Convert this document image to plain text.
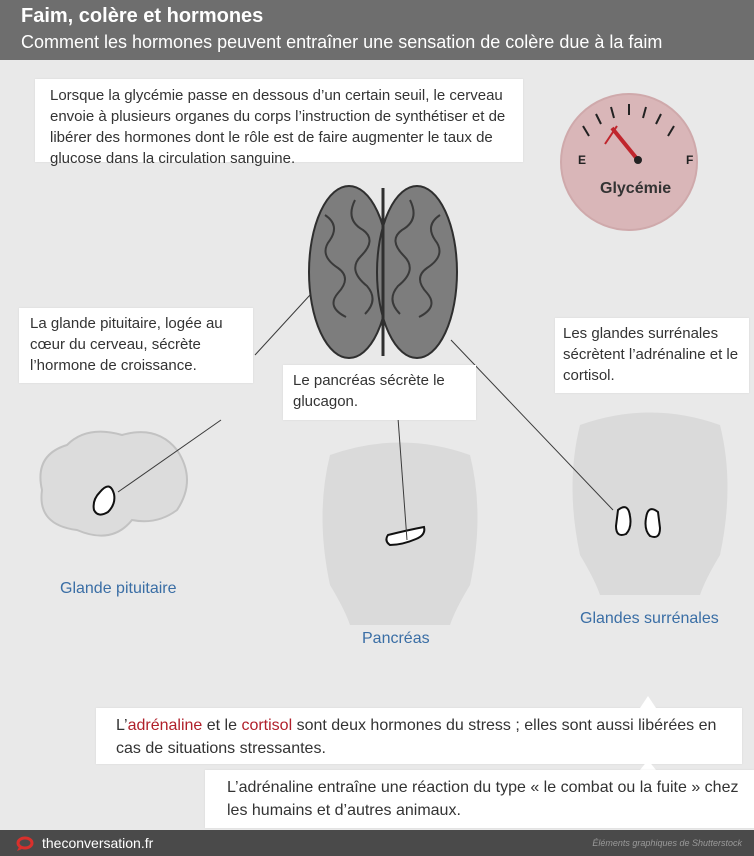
Faim, colère et hormones
Comment les hormones peuvent entraîner une sensation de colère due à la faim
E	F
Glycémie
Lorsque la glycémie passe en dessous d’un certain seuil, le cerveau envoie à plusieurs organes du corps l’instruction de synthétiser et de libérer des hormones dont le rôle est de faire augmenter le taux de glucose dans la circulation sanguine.
La glande pituitaire, logée au cœur du cerveau, sécrète l’hormone de croissance.
Le pancréas sécrète le glucagon.
Les glandes surrénales sécrètent l’adrénaline et le cortisol.
Glande pituitaire
Pancréas
Glandes surrénales
L’adrénaline et le cortisol sont deux hormones du stress ; elles sont aussi libérées en cas de situations stressantes.
L’adrénaline entraîne une réaction du type « le combat ou la fuite » chez les humains et d’autres animaux.
theconversation.fr	Éléments graphiques de Shutterstock
